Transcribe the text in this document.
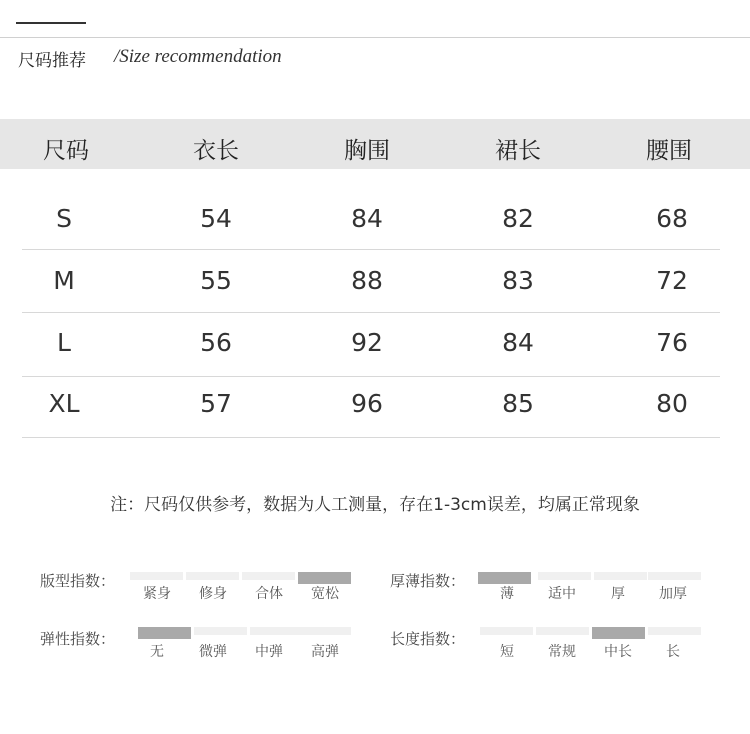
尺码推荐 /Size recommendation
尺码	衣长	胸围	裙长	腰围
S	54	84	82	68
M	55	88	83	72
L	56	92	84	76
XL	57	96	85	80
注：尺码仅供参考，数据为人工测量，存在1-3cm误差，均属正常现象
版型指数：
紧身	修身	合体	宽松
厚薄指数：
薄	适中	厚	加厚
弹性指数：
无	微弹	中弹	高弹
长度指数：
短	常规	中长	长
